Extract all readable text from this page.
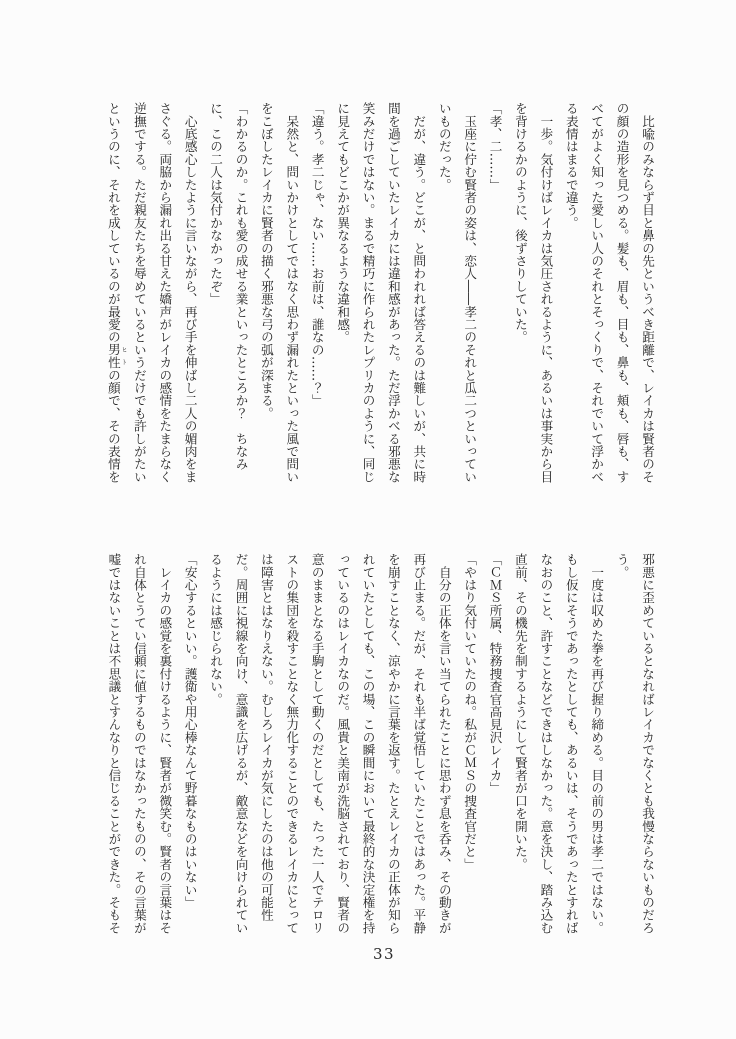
　比喩のみならず目と鼻の先というべき距離で、レイカは賢者のそ
の顔の造形を見つめる。髪も、眉も、目も、鼻も、頬も、唇も、す
べてがよく知った愛しい人のそれとそっくりで、それでいて浮かべ
る表情はまるで違う。
　一歩。気付けばレイカは気圧されるように、あるいは事実から目
を背けるかのように、後ずさりしていた。
「孝、二……」
　玉座に佇む賢者の姿は、恋人――孝二のそれと瓜二つといってい
いものだった。
　だが、違う。どこが、と問われれば答えるのは難しいが、共に時
間を過ごしていたレイカには違和感があった。ただ浮かべる邪悪な
笑みだけではない。まるで精巧に作られたレプリカのように、同じ
に見えてもどこかが異なるような違和感。
「違う。孝二じゃ、ない……お前は、誰なの……？」
　呆然と、問いかけとしてではなく思わず漏れたといった風で問い
をこぼしたレイカに賢者の描く邪悪な弓の弧が深まる。
「わかるのか。これも愛の成せる業といったところか？　ちなみ
に、この二人は気付かなかったぞ」
　心底感心したように言いながら、再び手を伸ばし二人の媚肉をま
さぐる。両脇から漏れ出る甘えた嬌声がレイカの感情をたまらなく
逆撫でする。ただ親友たちを辱めているというだけでも許しがたい
というのに、それを成しているのが最愛の男性 ヒトの顔で、その表情を
邪悪に歪めているとなればレイカでなくとも我慢ならないものだろ
う。
　一度は収めた拳を再び握り締める。目の前の男は孝二ではない。
もし仮にそうであったとしても、あるいは、そうであったとすれば
なおのこと、許すことなどできはしなかった。意を決し、踏み込む
直前、その機先を制するようにして賢者が口を開いた。
「ＣＭＳ所属、特務捜査官高見沢レイカ」
「やはり気付いていたのね。私がＣＭＳの捜査官だと」
　自分の正体を言い当てられたことに思わず息を呑み、その動きが
再び止まる。だが、それも半ば覚悟していたことではあった。平静
を崩すことなく、涼やかに言葉を返す。たとえレイカの正体が知ら
れていたとしても、この場、この瞬間において最終的な決定権を持
っているのはレイカなのだ。風貴と美南が洗脳されており、賢者の
意のままとなる手駒として動くのだとしても、たった一人でテロリ
ストの集団を殺すことなく無力化することのできるレイカにとって
は障害とはなりえない。むしろレイカが気にしたのは他の可能性
だ。周囲に視線を向け、意識を広げるが、敵意などを向けられてい
るようには感じられない。
「安心するといい。護衛や用心棒なんて野暮なものはいない」
　レイカの感覚を裏付けるように、賢者が微笑む。賢者の言葉はそ
れ自体とうてい信頼に値するものではなかったものの、その言葉が
嘘ではないことは不思議とすんなりと信じることができた。そもそ
33
